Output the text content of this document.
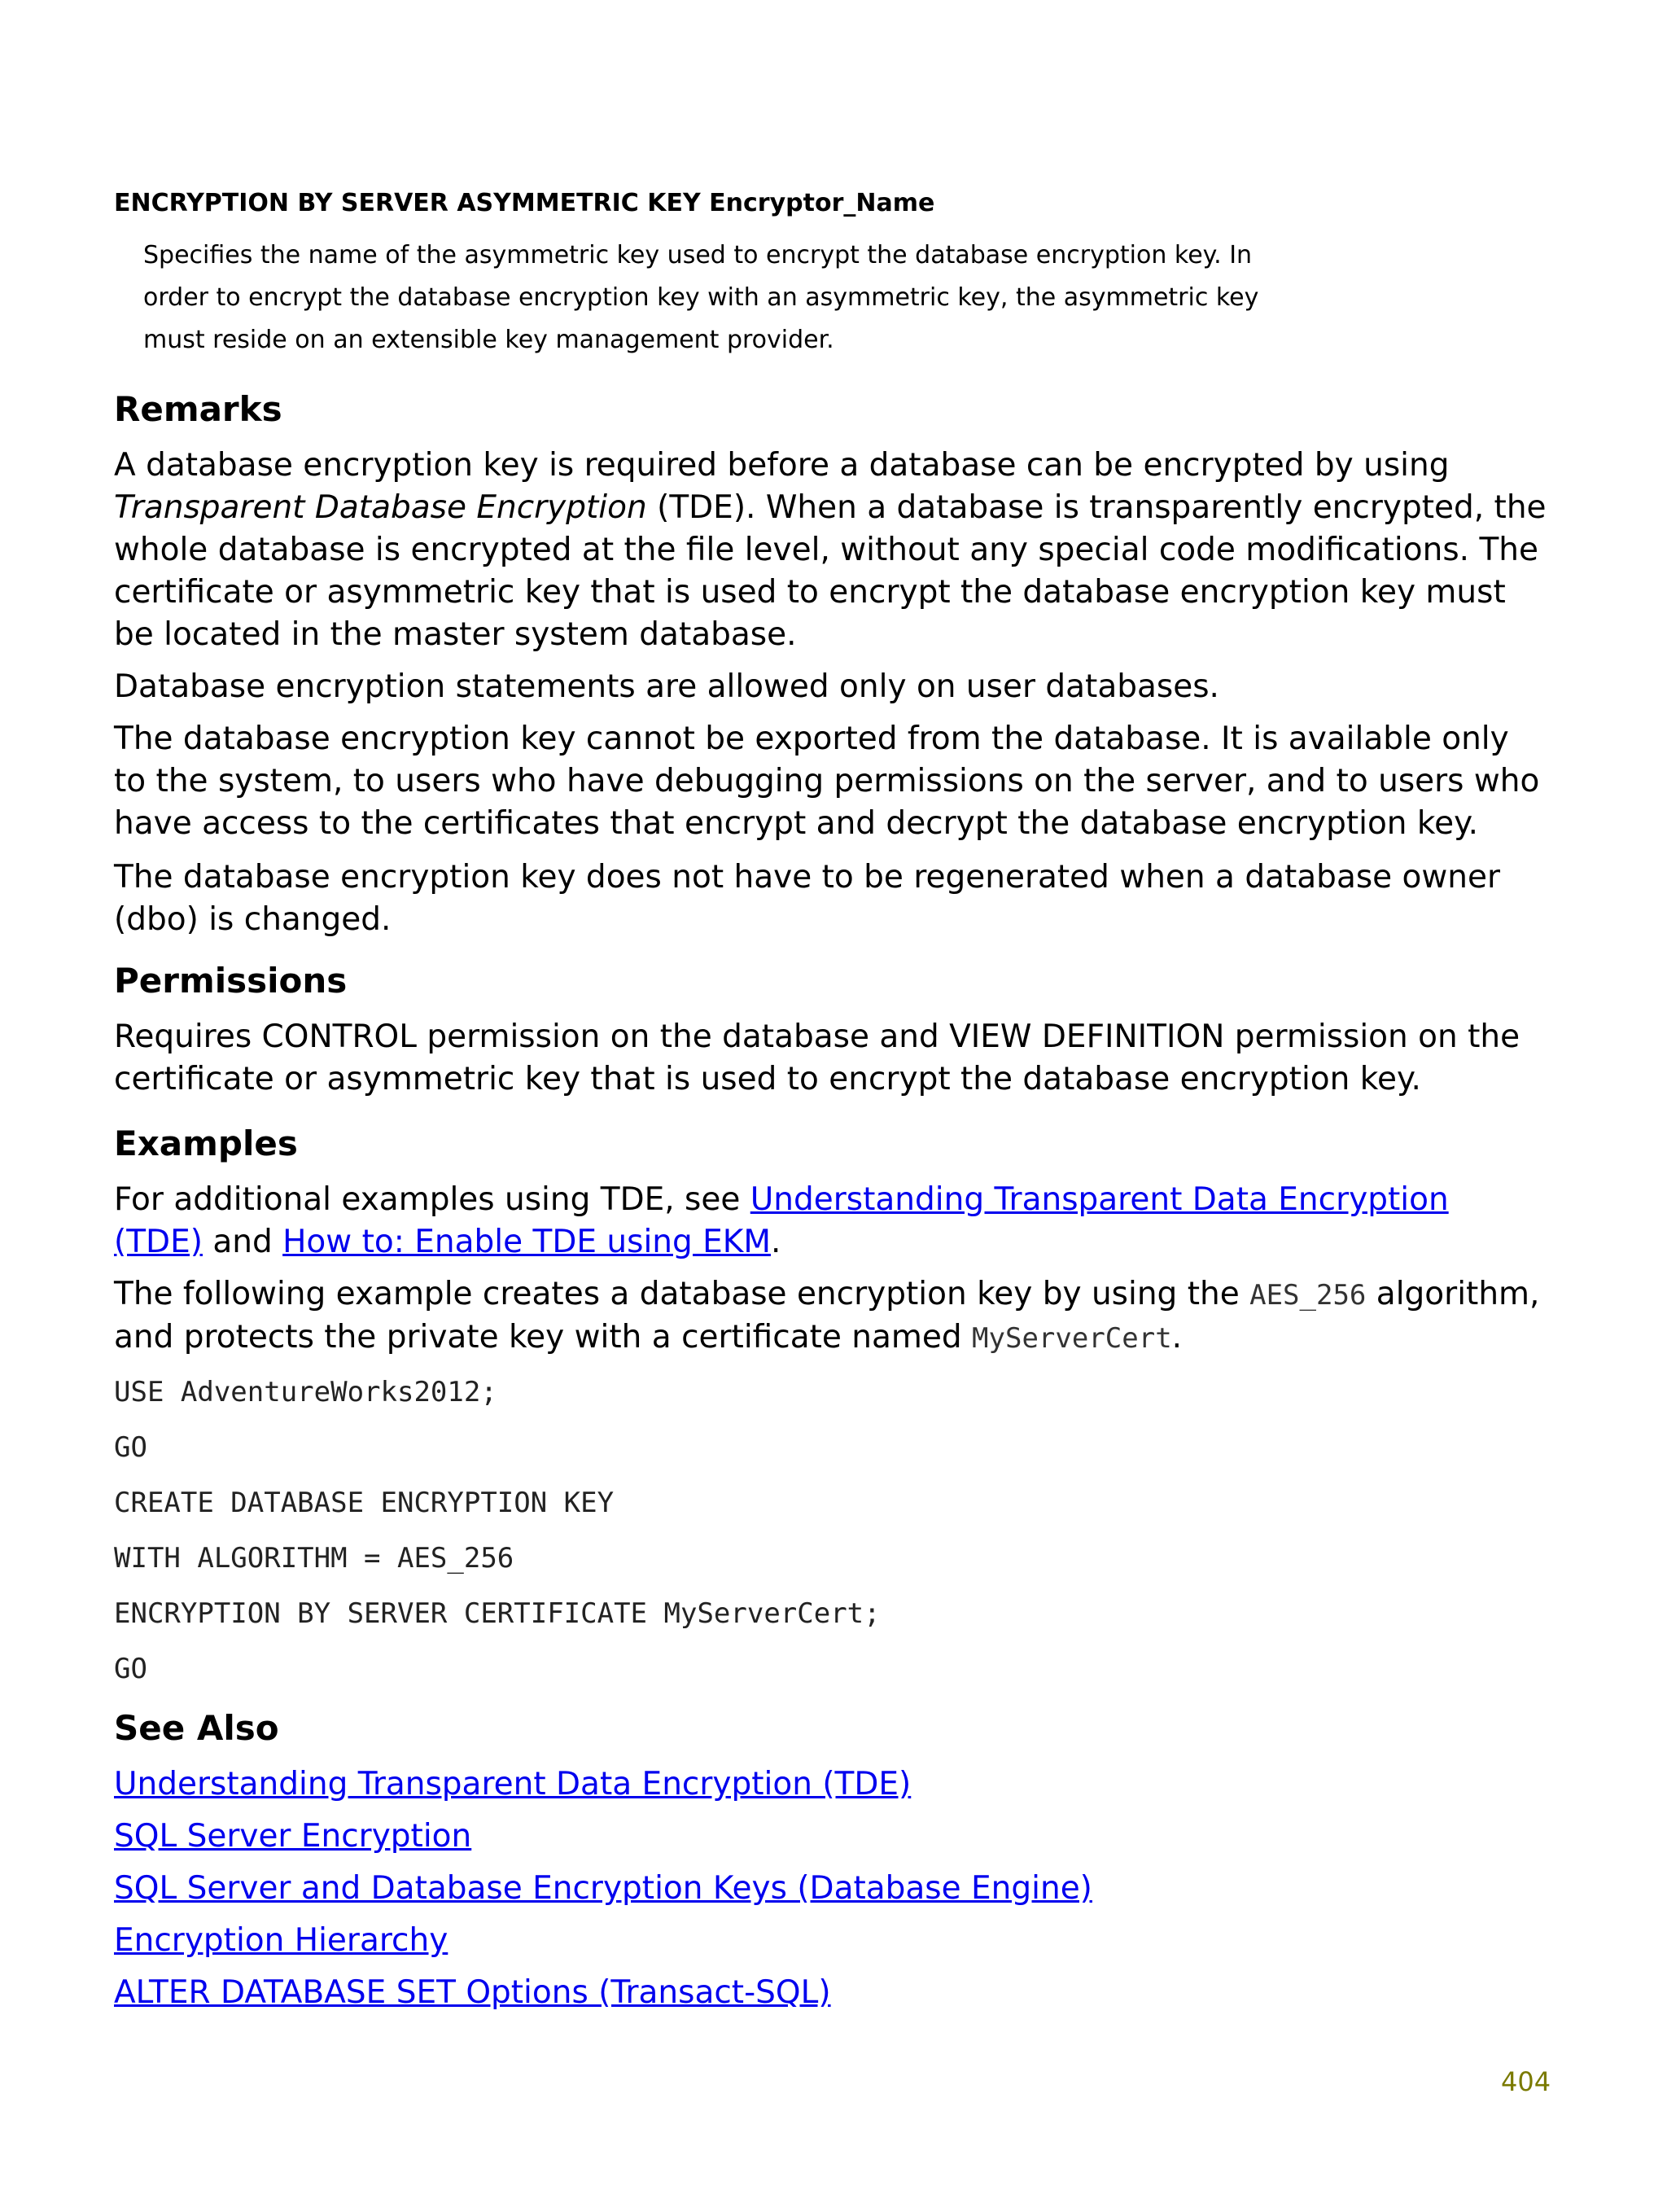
ENCRYPTION BY SERVER ASYMMETRIC KEY Encryptor_Name
Specifies the name of the asymmetric key used to encrypt the database encryption key. In
order to encrypt the database encryption key with an asymmetric key, the asymmetric key
must reside on an extensible key management provider.
Remarks
A database encryption key is required before a database can be encrypted by using Transparent Database Encryption (TDE). When a database is transparently encrypted, the whole database is encrypted at the file level, without any special code modifications. The certificate or asymmetric key that is used to encrypt the database encryption key must be located in the master system database.
Database encryption statements are allowed only on user databases.
The database encryption key cannot be exported from the database. It is available only to the system, to users who have debugging permissions on the server, and to users who have access to the certificates that encrypt and decrypt the database encryption key.
The database encryption key does not have to be regenerated when a database owner (dbo) is changed.
Permissions
Requires CONTROL permission on the database and VIEW DEFINITION permission on the certificate or asymmetric key that is used to encrypt the database encryption key.
Examples
For additional examples using TDE, see Understanding Transparent Data Encryption (TDE) and How to: Enable TDE using EKM.
The following example creates a database encryption key by using the AES_256 algorithm, and protects the private key with a certificate named MyServerCert.
USE AdventureWorks2012;
GO
CREATE DATABASE ENCRYPTION KEY
WITH ALGORITHM = AES_256
ENCRYPTION BY SERVER CERTIFICATE MyServerCert;
GO
See Also
Understanding Transparent Data Encryption (TDE)
SQL Server Encryption
SQL Server and Database Encryption Keys (Database Engine)
Encryption Hierarchy
ALTER DATABASE SET Options (Transact-SQL)
404
